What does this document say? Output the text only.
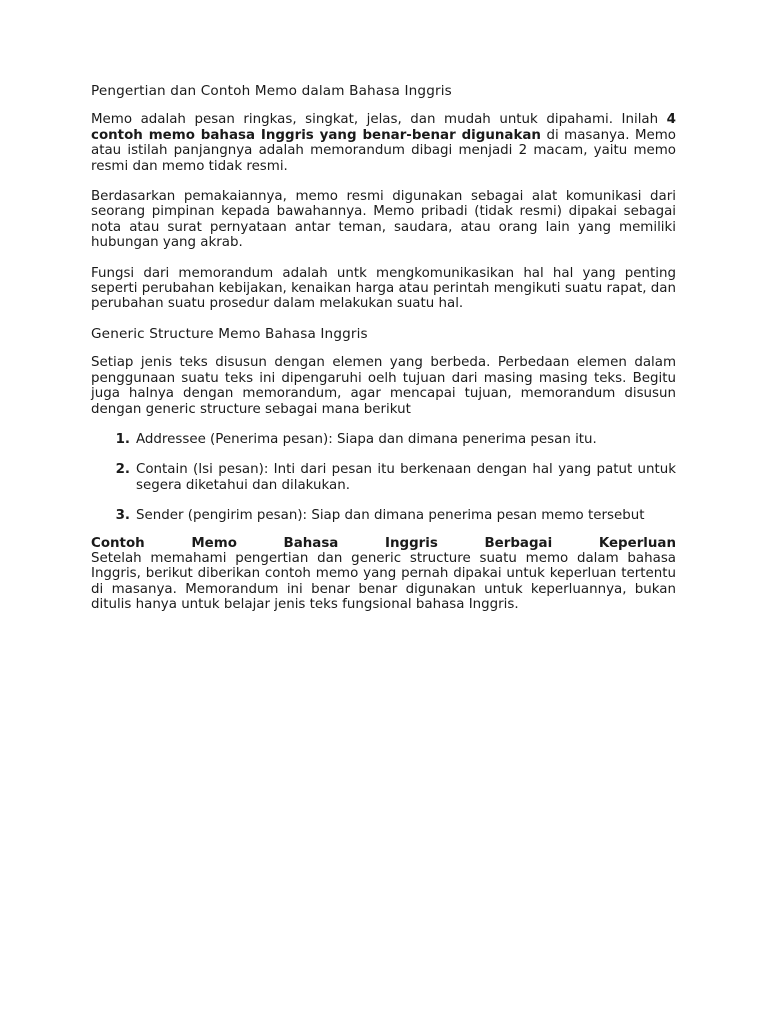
Pengertian dan Contoh Memo dalam Bahasa Inggris

Memo adalah pesan ringkas, singkat, jelas, dan mudah untuk dipahami. Inilah 4 contoh memo bahasa Inggris yang benar-benar digunakan di masanya. Memo atau istilah panjangnya adalah memorandum dibagi menjadi 2 macam, yaitu memo resmi dan memo tidak resmi.

Berdasarkan pemakaiannya, memo resmi digunakan sebagai alat komunikasi dari seorang pimpinan kepada bawahannya. Memo pribadi (tidak resmi) dipakai sebagai nota atau surat pernyataan antar teman, saudara, atau orang lain yang memiliki hubungan yang akrab.

Fungsi dari memorandum adalah untk mengkomunikasikan hal hal yang penting seperti perubahan kebijakan, kenaikan harga atau perintah mengikuti suatu rapat, dan perubahan suatu prosedur dalam melakukan suatu hal.

Generic Structure Memo Bahasa Inggris

Setiap jenis teks disusun dengan elemen yang berbeda. Perbedaan elemen dalam penggunaan suatu teks ini dipengaruhi oelh tujuan dari masing masing teks. Begitu juga halnya dengan memorandum, agar mencapai tujuan, memorandum disusun dengan generic structure sebagai mana berikut

1. Addressee (Penerima pesan): Siapa dan dimana penerima pesan itu.
2. Contain (Isi pesan): Inti dari pesan itu berkenaan dengan hal yang patut untuk segera diketahui dan dilakukan.
3. Sender (pengirim pesan): Siap dan dimana penerima pesan memo tersebut
Contoh	Memo	Bahasa	Inggris	Berbagai	Keperluan

Setelah memahami pengertian dan generic structure suatu memo dalam bahasa Inggris, berikut diberikan contoh memo yang pernah dipakai untuk keperluan tertentu di masanya. Memorandum ini benar benar digunakan untuk keperluannya, bukan ditulis hanya untuk belajar jenis teks fungsional bahasa Inggris.
